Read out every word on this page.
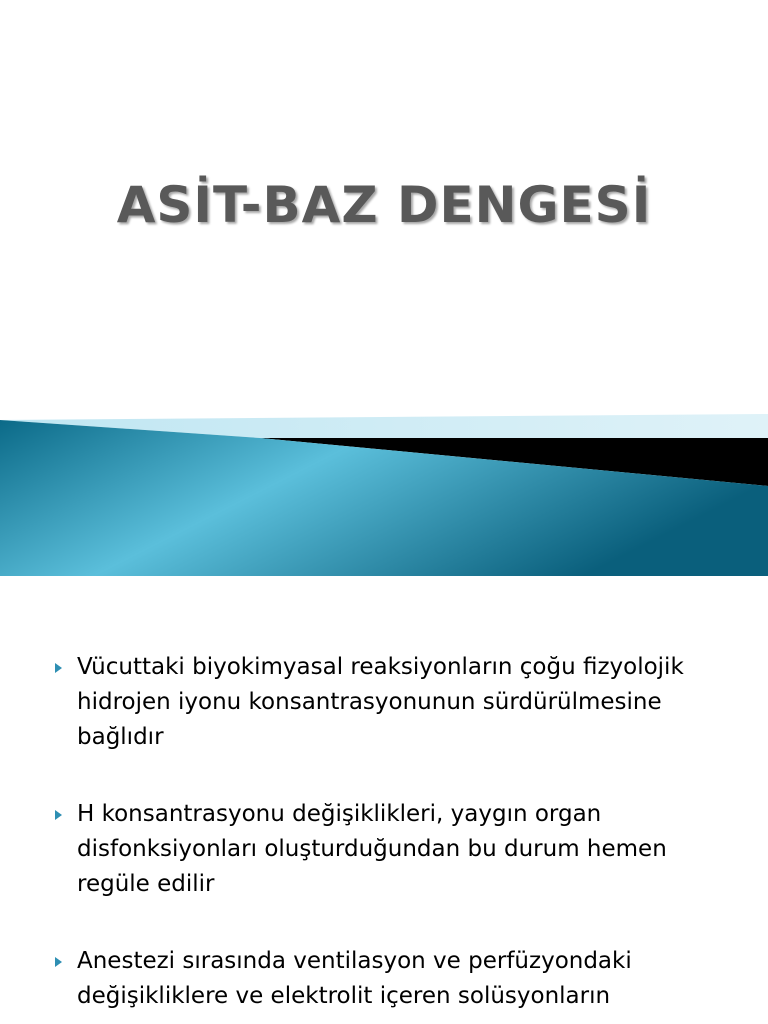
ASİT-BAZ DENGESİ
Vücuttaki biyokimyasal reaksiyonların çoğu fizyolojik hidrojen iyonu konsantrasyonunun sürdürülmesine bağlıdır
H konsantrasyonu değişiklikleri, yaygın organ disfonksiyonları oluşturduğundan bu durum hemen regüle edilir
Anestezi sırasında ventilasyon ve perfüzyondaki değişikliklere ve elektrolit içeren solüsyonların
